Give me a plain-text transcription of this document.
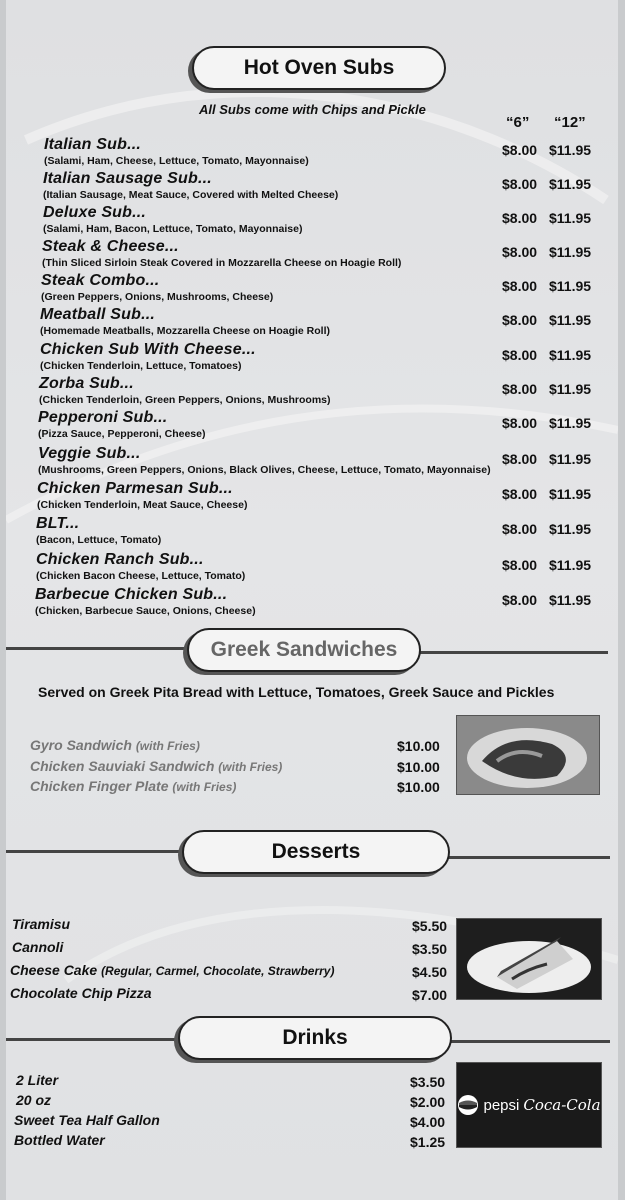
Hot Oven Subs
All Subs come with Chips and Pickle
“6” “12”
Italian Sub...
(Salami, Ham, Cheese, Lettuce, Tomato, Mayonnaise)
$8.00 $11.95
Italian Sausage Sub...
(Italian Sausage, Meat Sauce, Covered with Melted Cheese)
$8.00 $11.95
Deluxe Sub...
(Salami, Ham, Bacon, Lettuce, Tomato, Mayonnaise)
$8.00 $11.95
Steak & Cheese...
(Thin Sliced Sirloin Steak Covered in Mozzarella Cheese on Hoagie Roll)
$8.00 $11.95
Steak Combo...
(Green Peppers, Onions, Mushrooms, Cheese)
$8.00 $11.95
Meatball Sub...
(Homemade Meatballs, Mozzarella Cheese on Hoagie Roll)
$8.00 $11.95
Chicken Sub With Cheese...
(Chicken Tenderloin, Lettuce, Tomatoes)
$8.00 $11.95
Zorba Sub...
(Chicken Tenderloin, Green Peppers, Onions, Mushrooms)
$8.00 $11.95
Pepperoni Sub...
(Pizza Sauce, Pepperoni, Cheese)
$8.00 $11.95
Veggie Sub...
(Mushrooms, Green Peppers, Onions, Black Olives, Cheese, Lettuce, Tomato, Mayonnaise)
$8.00 $11.95
Chicken Parmesan Sub...
(Chicken Tenderloin, Meat Sauce, Cheese)
$8.00 $11.95
BLT...
(Bacon, Lettuce, Tomato)
$8.00 $11.95
Chicken Ranch Sub...
(Chicken Bacon Cheese, Lettuce, Tomato)
$8.00 $11.95
Barbecue Chicken Sub...
(Chicken, Barbecue Sauce, Onions, Cheese)
$8.00 $11.95
Greek Sandwiches
Served on Greek Pita Bread with Lettuce, Tomatoes, Greek Sauce and Pickles
Gyro Sandwich (with Fries)	$10.00
Chicken Sauviaki Sandwich (with Fries)	$10.00
Chicken Finger Plate (with Fries)	$10.00
Desserts
Tiramisu	$5.50
Cannoli	$3.50
Cheese Cake (Regular, Carmel, Chocolate, Strawberry)	$4.50
Chocolate Chip Pizza	$7.00
Drinks
2 Liter	$3.50
20 oz	$2.00
Sweet Tea Half Gallon	$4.00
Bottled Water	$1.25
pepsi Coca-Cola
